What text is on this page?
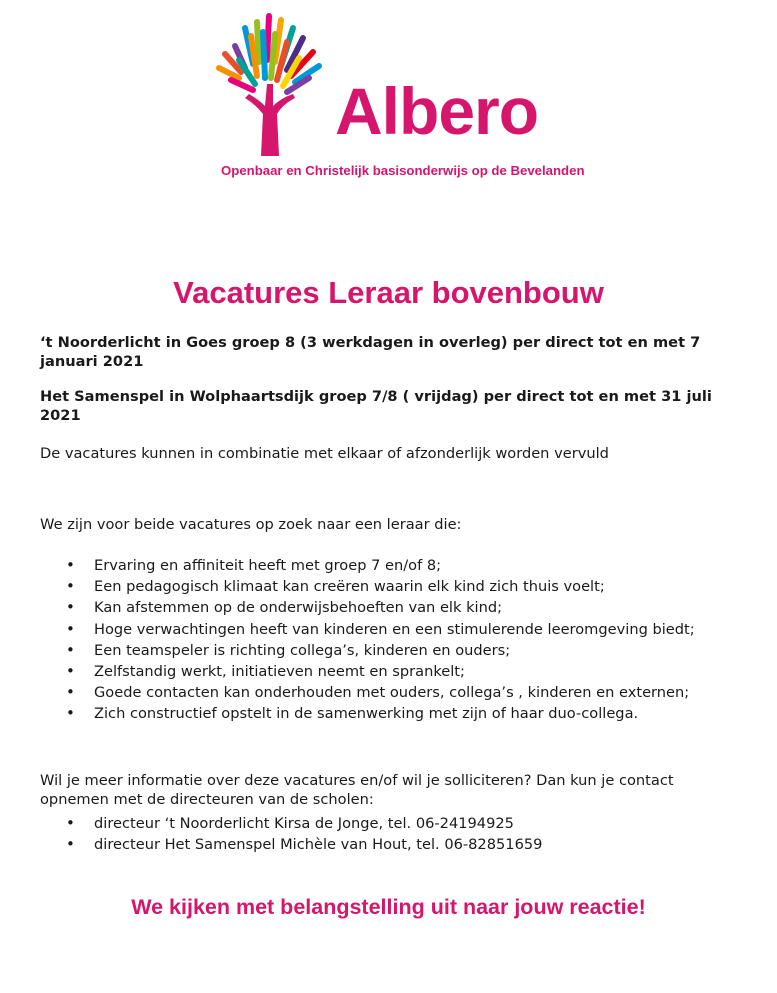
Albero
Openbaar en Christelijk basisonderwijs op de Bevelanden
Vacatures Leraar bovenbouw

‘t Noorderlicht in Goes groep 8 (3 werkdagen in overleg) per direct tot en met 7 januari 2021

Het Samenspel in Wolphaartsdijk groep 7/8 ( vrijdag) per direct tot en met 31 juli 2021

De vacatures kunnen in combinatie met elkaar of afzonderlijk worden vervuld

We zijn voor beide vacatures op zoek naar een leraar die:

• Ervaring en affiniteit heeft met groep 7 en/of 8;
• Een pedagogisch klimaat kan creëren waarin elk kind zich thuis voelt;
• Kan afstemmen op de onderwijsbehoeften van elk kind;
• Hoge verwachtingen heeft van kinderen en een stimulerende leeromgeving biedt;
• Een teamspeler is richting collega’s, kinderen en ouders;
• Zelfstandig werkt, initiatieven neemt en sprankelt;
• Goede contacten kan onderhouden met ouders, collega’s , kinderen en externen;
• Zich constructief opstelt in de samenwerking met zijn of haar duo-collega.

Wil je meer informatie over deze vacatures en/of wil je solliciteren? Dan kun je contact opnemen met de directeuren van de scholen:

• directeur ‘t Noorderlicht Kirsa de Jonge, tel. 06-24194925
• directeur Het Samenspel Michèle van Hout, tel. 06-82851659
We kijken met belangstelling uit naar jouw reactie!
